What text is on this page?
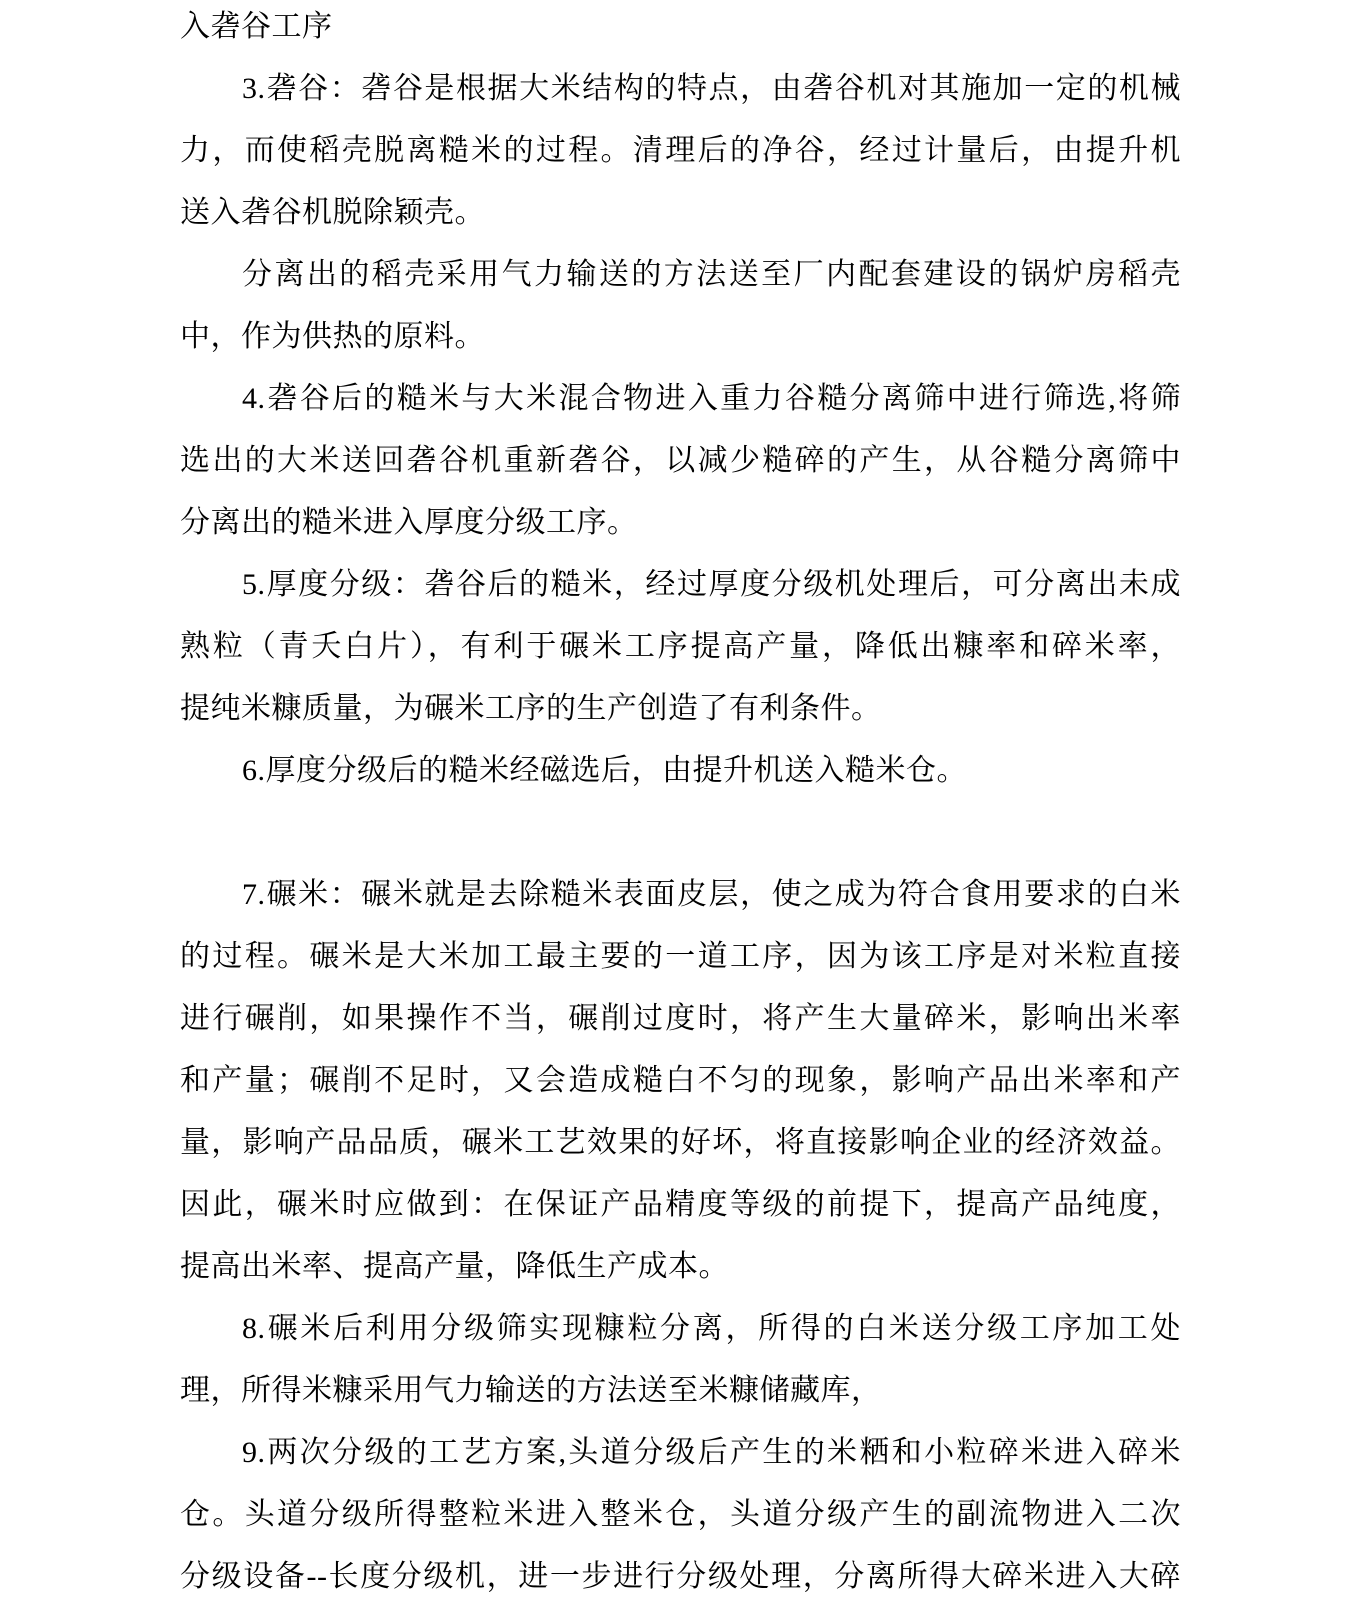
入砻谷工序
3.砻谷：砻谷是根据大米结构的特点，由砻谷机对其施加一定的机械
力，而使稻壳脱离糙米的过程。清理后的净谷，经过计量后，由提升机
送入砻谷机脱除颖壳。
分离出的稻壳采用气力输送的方法送至厂内配套建设的锅炉房稻壳
中，作为供热的原料。
4.砻谷后的糙米与大米混合物进入重力谷糙分离筛中进行筛选,将筛
选出的大米送回砻谷机重新砻谷，以减少糙碎的产生，从谷糙分离筛中
分离出的糙米进入厚度分级工序。
5.厚度分级：砻谷后的糙米，经过厚度分级机处理后，可分离出未成
熟粒（青夭白片），有利于碾米工序提高产量，降低出糠率和碎米率，
提纯米糠质量，为碾米工序的生产创造了有利条件。
6.厚度分级后的糙米经磁选后，由提升机送入糙米仓。
7.碾米：碾米就是去除糙米表面皮层，使之成为符合食用要求的白米
的过程。碾米是大米加工最主要的一道工序，因为该工序是对米粒直接
进行碾削，如果操作不当，碾削过度时，将产生大量碎米，影响出米率
和产量；碾削不足时，又会造成糙白不匀的现象，影响产品出米率和产
量，影响产品品质，碾米工艺效果的好坏，将直接影响企业的经济效益。
因此，碾米时应做到：在保证产品精度等级的前提下，提高产品纯度，
提高出米率、提高产量，降低生产成本。
8.碾米后利用分级筛实现糠粒分离，所得的白米送分级工序加工处
理，所得米糠采用气力输送的方法送至米糠储藏库，
9.两次分级的工艺方案,头道分级后产生的米粞和小粒碎米进入碎米
仓。头道分级所得整粒米进入整米仓，头道分级产生的副流物进入二次
分级设备--长度分级机，进一步进行分级处理，分离所得大碎米进入大碎
